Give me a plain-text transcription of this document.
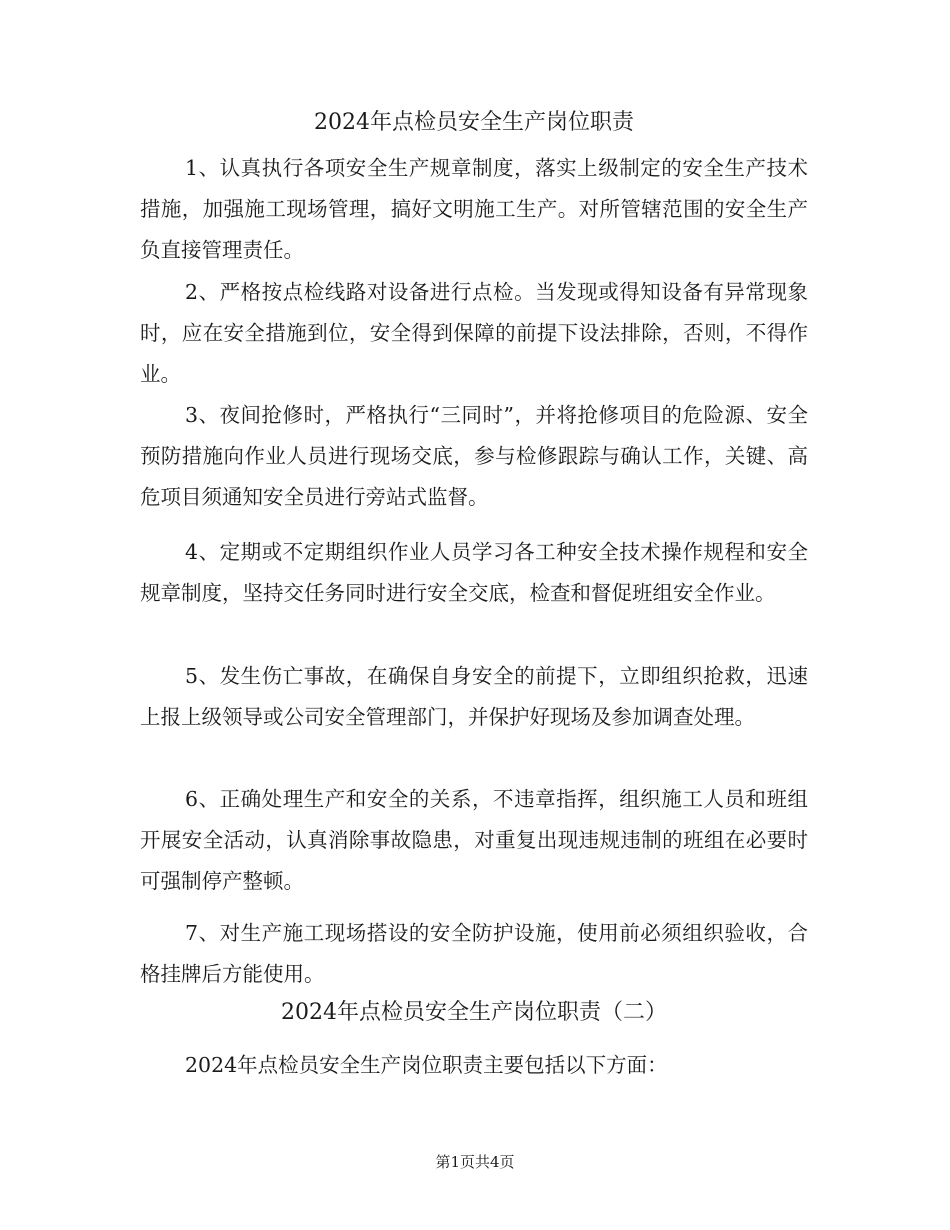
2024年点检员安全生产岗位职责
1、认真执行各项安全生产规章制度，落实上级制定的安全生产技术措施，加强施工现场管理，搞好文明施工生产。对所管辖范围的安全生产负直接管理责任。
2、严格按点检线路对设备进行点检。当发现或得知设备有异常现象时，应在安全措施到位，安全得到保障的前提下设法排除，否则，不得作业。
3、夜间抢修时，严格执行“三同时”，并将抢修项目的危险源、安全预防措施向作业人员进行现场交底，参与检修跟踪与确认工作，关键、高危项目须通知安全员进行旁站式监督。
4、定期或不定期组织作业人员学习各工种安全技术操作规程和安全规章制度，坚持交任务同时进行安全交底，检查和督促班组安全作业。
5、发生伤亡事故，在确保自身安全的前提下，立即组织抢救，迅速上报上级领导或公司安全管理部门，并保护好现场及参加调查处理。
6、正确处理生产和安全的关系，不违章指挥，组织施工人员和班组开展安全活动，认真消除事故隐患，对重复出现违规违制的班组在必要时可强制停产整顿。
7、对生产施工现场搭设的安全防护设施，使用前必须组织验收，合格挂牌后方能使用。
2024年点检员安全生产岗位职责（二）
2024年点检员安全生产岗位职责主要包括以下方面：
第1页共4页
